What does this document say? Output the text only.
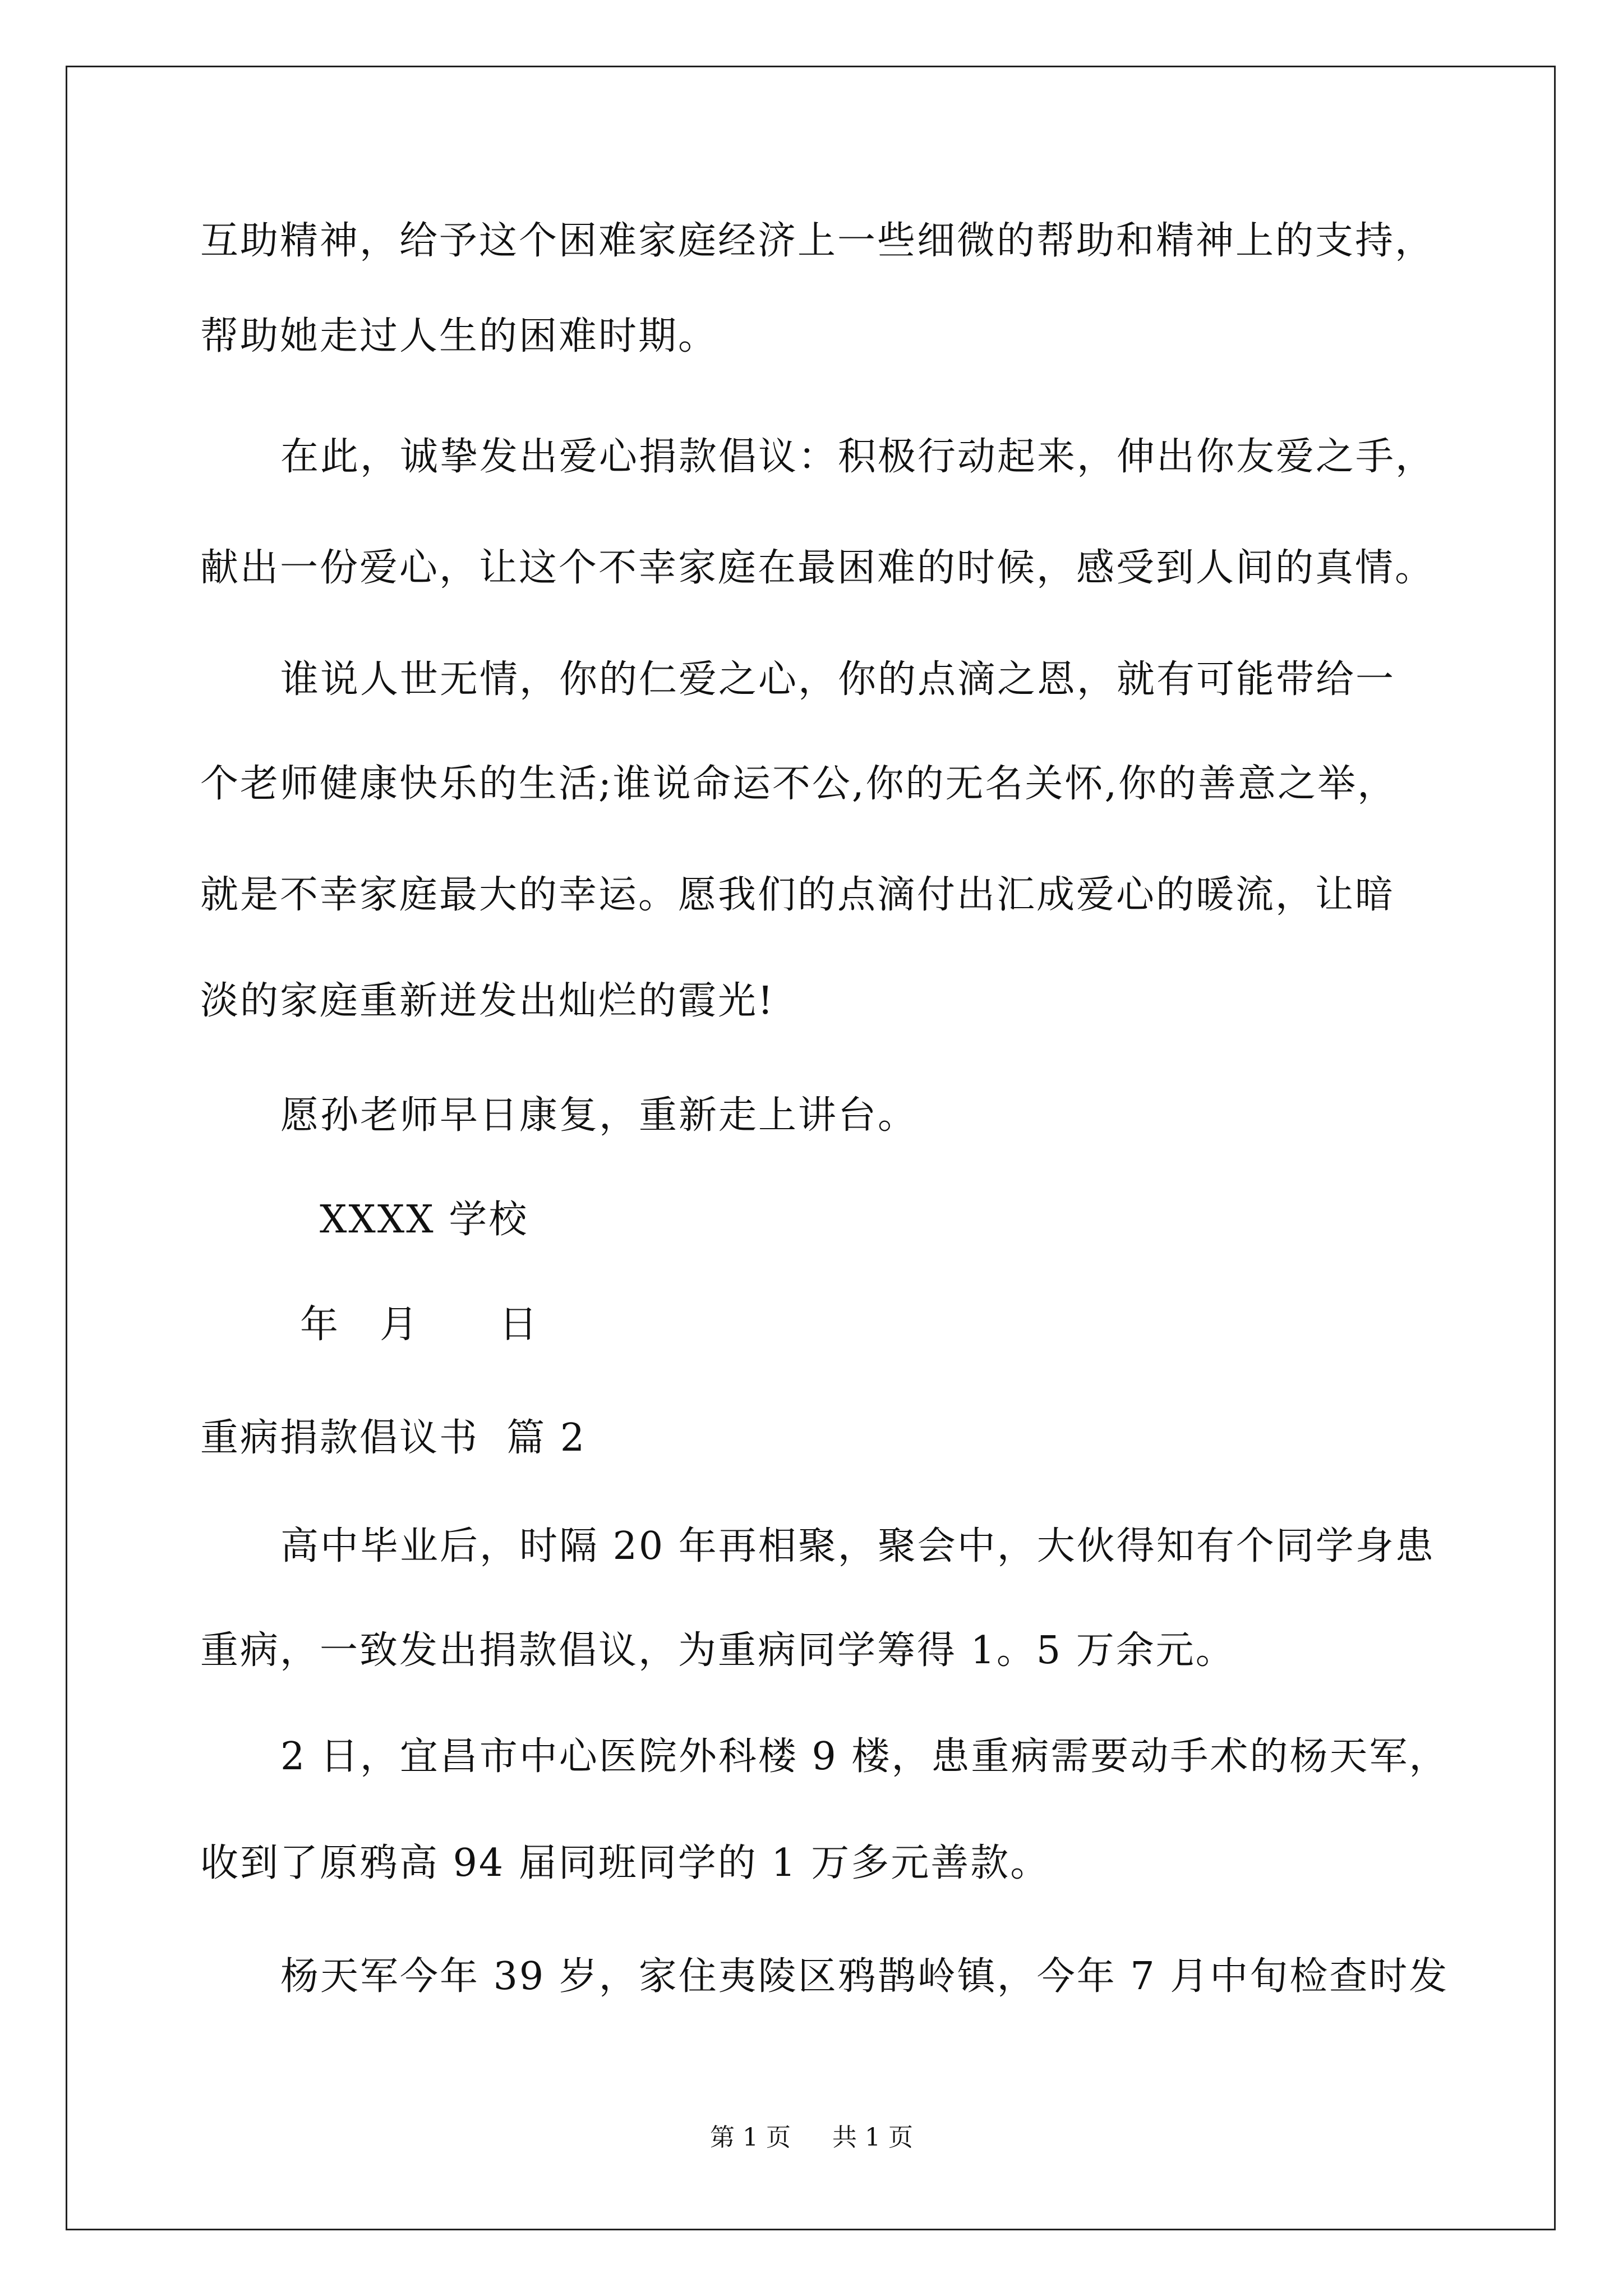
互助精神，给予这个困难家庭经济上一些细微的帮助和精神上的支持，
帮助她走过人生的困难时期。
在此，诚挚发出爱心捐款倡议：积极行动起来，伸出你友爱之手，
献出一份爱心，让这个不幸家庭在最困难的时候，感受到人间的真情。
谁说人世无情，你的仁爱之心，你的点滴之恩，就有可能带给一
个老师健康快乐的生活;谁说命运不公,你的无名关怀,你的善意之举，
就是不幸家庭最大的幸运。愿我们的点滴付出汇成爱心的暖流，让暗
淡的家庭重新迸发出灿烂的霞光!
愿孙老师早日康复，重新走上讲台。
XXXX 学校
年　月　　日
重病捐款倡议书  篇 2
高中毕业后，时隔 20 年再相聚，聚会中，大伙得知有个同学身患
重病，一致发出捐款倡议，为重病同学筹得 1。5 万余元。
2 日，宜昌市中心医院外科楼 9 楼，患重病需要动手术的杨天军，
收到了原鸦高 94 届同班同学的 1 万多元善款。
杨天军今年 39 岁，家住夷陵区鸦鹊岭镇，今年 7 月中旬检查时发
第 1 页 共 1 页
